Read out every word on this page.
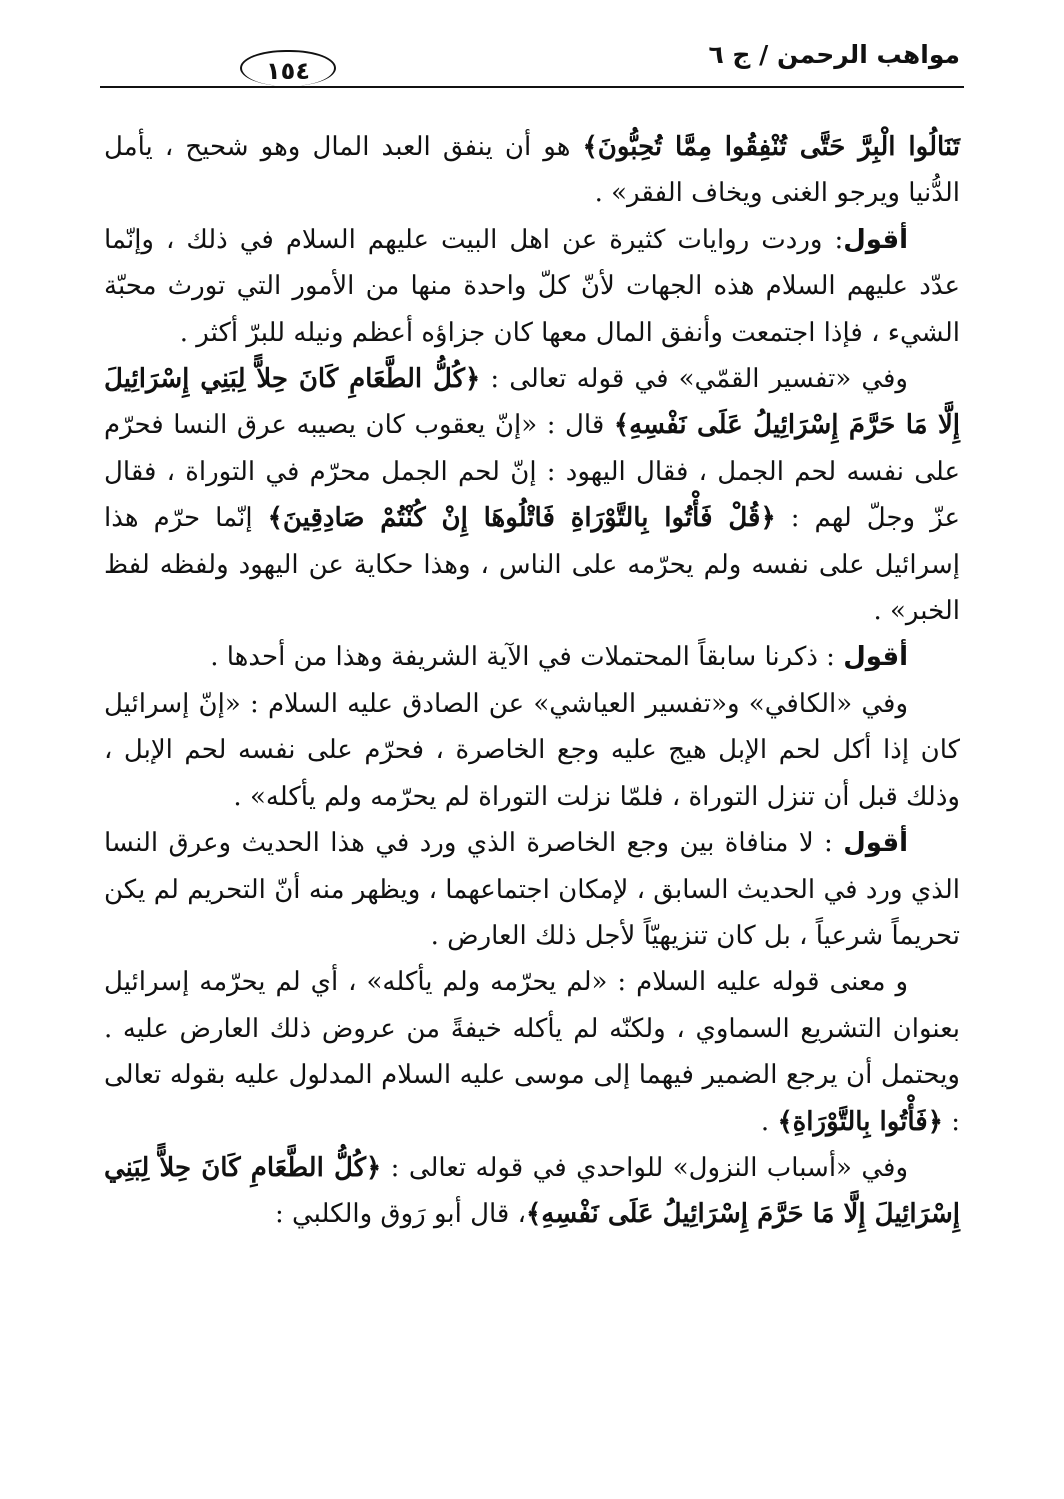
مواهب الرحمن / ج ٦
١٥٤

تَنَالُوا الْبِرَّ حَتَّى تُنْفِقُوا مِمَّا تُحِبُّونَ﴾ هو أن ينفق العبد المال وهو شحيح ، يأمل الدُّنيا ويرجو الغنى ويخاف الفقر» .

أقول: وردت روايات كثيرة عن اهل البيت عليهم السلام في ذلك ، وإنّما عدّد عليهم السلام هذه الجهات لأنّ كلّ واحدة منها من الأمور التي تورث محبّة الشيء ، فإذا اجتمعت وأنفق المال معها كان جزاؤه أعظم ونيله للبرّ أكثر .

وفي «تفسير القمّي» في قوله تعالى : ﴿كُلُّ الطَّعَامِ كَانَ حِلاًّ لِبَنِي إِسْرَائِيلَ إِلَّا مَا حَرَّمَ إِسْرَائِيلُ عَلَى نَفْسِهِ﴾ قال : «إنّ يعقوب كان يصيبه عرق النسا فحرّم على نفسه لحم الجمل ، فقال اليهود : إنّ لحم الجمل محرّم في التوراة ، فقال عزّ وجلّ لهم : ﴿قُلْ فَأْتُوا بِالتَّوْرَاةِ فَاتْلُوهَا إِنْ كُنْتُمْ صَادِقِينَ﴾ إنّما حرّم هذا إسرائيل على نفسه ولم يحرّمه على الناس ، وهذا حكاية عن اليهود ولفظه لفظ الخبر» .

أقول : ذكرنا سابقاً المحتملات في الآية الشريفة وهذا من أحدها .

وفي «الكافي» و«تفسير العياشي» عن الصادق عليه السلام : «إنّ إسرائيل كان إذا أكل لحم الإبل هيج عليه وجع الخاصرة ، فحرّم على نفسه لحم الإبل ، وذلك قبل أن تنزل التوراة ، فلمّا نزلت التوراة لم يحرّمه ولم يأكله» .

أقول : لا منافاة بين وجع الخاصرة الذي ورد في هذا الحديث وعرق النسا الذي ورد في الحديث السابق ، لإمكان اجتماعهما ، ويظهر منه أنّ التحريم لم يكن تحريماً شرعياً ، بل كان تنزيهيّاً لأجل ذلك العارض .

و معنى قوله عليه السلام : «لم يحرّمه ولم يأكله» ، أي لم يحرّمه إسرائيل بعنوان التشريع السماوي ، ولكنّه لم يأكله خيفةً من عروض ذلك العارض عليه . ويحتمل أن يرجع الضمير فيهما إلى موسى عليه السلام المدلول عليه بقوله تعالى : ﴿فَأْتُوا بِالتَّوْرَاةِ﴾ .

وفي «أسباب النزول» للواحدي في قوله تعالى : ﴿كُلُّ الطَّعَامِ كَانَ حِلاًّ لِبَنِي إِسْرَائِيلَ إِلَّا مَا حَرَّمَ إِسْرَائِيلُ عَلَى نَفْسِهِ﴾، قال أبو رَوق والكلبي :
